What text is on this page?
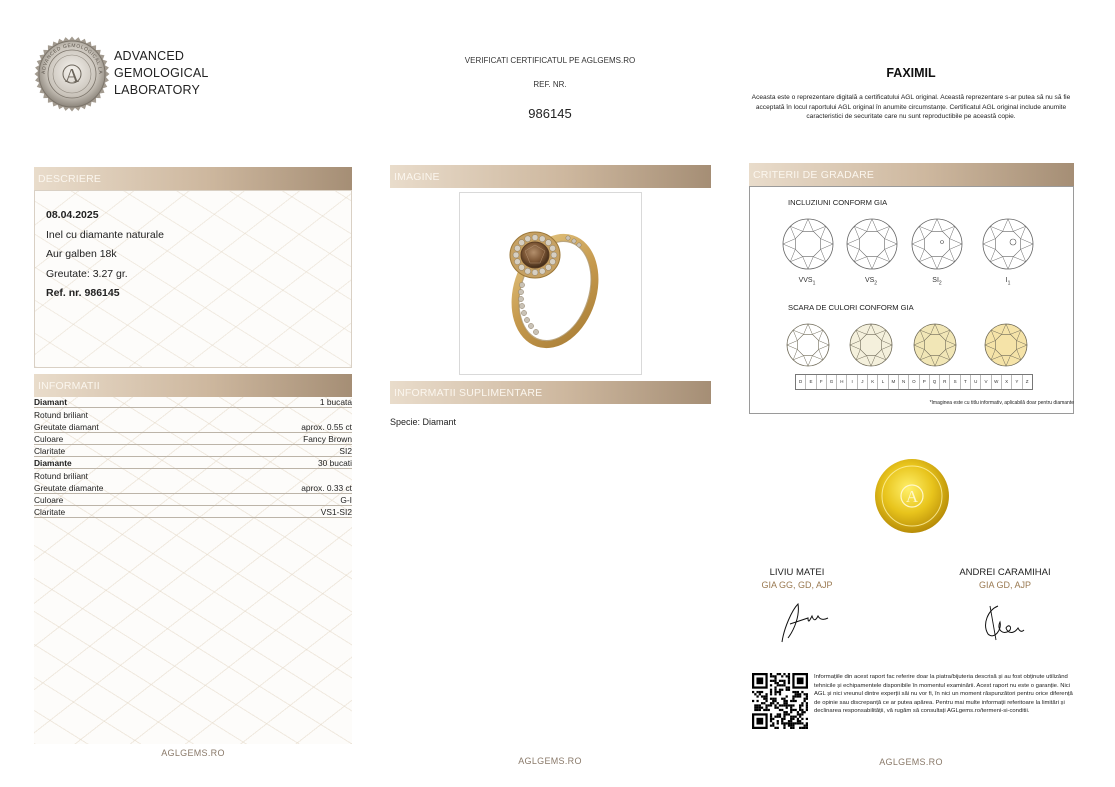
A
ADVANCED GEMOLOGICAL LA
ADVANCED
GEMOLOGICAL
LABORATORY
VERIFICATI CERTIFICATUL PE AGLGEMS.RO
REF. NR.
986145
FAXIMIL
Aceasta este o reprezentare digitală a certificatului AGL original. Această reprezentare s-ar putea să nu să fie acceptată în locul raportului AGL original în anumite circumstanțe. Certificatul AGL original include anumite caracteristici de securitate care nu sunt reproductibile pe această copie.
DESCRIERE
08.04.2025
Inel cu diamante naturale
Aur galben 18k
Greutate: 3.27 gr.
Ref. nr. 986145
INFORMATII
Diamant	1 bucata
Rotund briliant
Greutate diamant	aprox. 0.55 ct
Culoare	Fancy Brown
Claritate	SI2
Diamante	30 bucati
Rotund briliant
Greutate diamante	aprox. 0.33 ct
Culoare	G-I
Claritate	VS1-SI2
AGLGEMS.RO
IMAGINE
INFORMATII SUPLIMENTARE
Specie: Diamant
AGLGEMS.RO
CRITERII DE GRADARE
INCLUZIUNI CONFORM GIA
$VVS_1$	$VS_2$	$SI_2$	$I_1$
SCARA DE CULORI CONFORM GIA
D	E	F	G	H	I	J	K	L	M	N	O	P	Q	R	S	T	U	V	W	X	Y	Z
*Imaginea este cu titlu informativ, aplicabilă doar pentru diamante
A
LIVIU MATEI
GIA GG, GD, AJP
ANDREI CARAMIHAI
GIA GD, AJP
Informațiile din acest raport fac referire doar la piatra/bijuteria descrisă și au fost obținute utilizând tehnicile și echipamentele disponibile în momentul examinării. Acest raport nu este o garanție. Nici AGL și nici vreunul dintre experții săi nu vor fi, în nici un moment răspunzători pentru orice diferență de opinie sau discrepanță ce ar putea apărea. Pentru mai multe informații referitoare la limitări și declinarea responsabilității, vă rugăm să consultați AGLgems.ro/termeni-si-conditii.
AGLGEMS.RO
